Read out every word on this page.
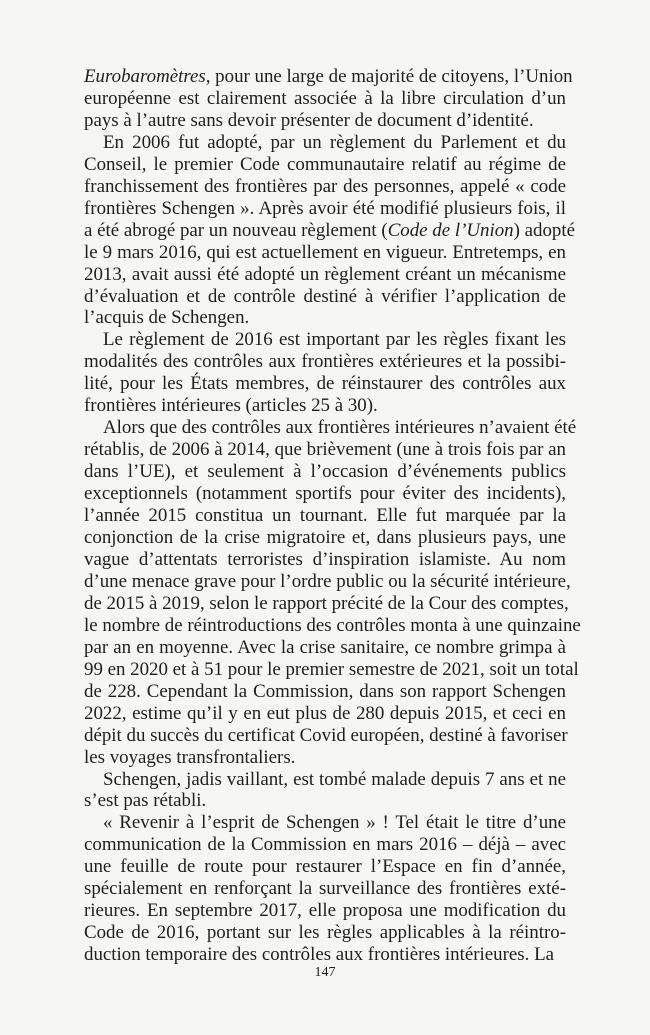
Eurobaromètres, pour une large de majorité de citoyens, l’Union
européenne est clairement associée à la libre circulation d’un
pays à l’autre sans devoir présenter de document d’identité.
En 2006 fut adopté, par un règlement du Parlement et du
Conseil, le premier Code communautaire relatif au régime de
franchissement des frontières par des personnes, appelé « code
frontières Schengen ». Après avoir été modifié plusieurs fois, il
a été abrogé par un nouveau règlement (Code de l’Union) adopté
le 9 mars 2016, qui est actuellement en vigueur. Entretemps, en
2013, avait aussi été adopté un règlement créant un mécanisme
d’évaluation et de contrôle destiné à vérifier l’application de
l’acquis de Schengen.
Le règlement de 2016 est important par les règles fixant les
modalités des contrôles aux frontières extérieures et la possibi-
lité, pour les États membres, de réinstaurer des contrôles aux
frontières intérieures (articles 25 à 30).
Alors que des contrôles aux frontières intérieures n’avaient été
rétablis, de 2006 à 2014, que brièvement (une à trois fois par an
dans l’UE), et seulement à l’occasion d’événements publics
exceptionnels (notamment sportifs pour éviter des incidents),
l’année 2015 constitua un tournant. Elle fut marquée par la
conjonction de la crise migratoire et, dans plusieurs pays, une
vague d’attentats terroristes d’inspiration islamiste. Au nom
d’une menace grave pour l’ordre public ou la sécurité intérieure,
de 2015 à 2019, selon le rapport précité de la Cour des comptes,
le nombre de réintroductions des contrôles monta à une quinzaine
par an en moyenne. Avec la crise sanitaire, ce nombre grimpa à
99 en 2020 et à 51 pour le premier semestre de 2021, soit un total
de 228. Cependant la Commission, dans son rapport Schengen
2022, estime qu’il y en eut plus de 280 depuis 2015, et ceci en
dépit du succès du certificat Covid européen, destiné à favoriser
les voyages transfrontaliers.
Schengen, jadis vaillant, est tombé malade depuis 7 ans et ne
s’est pas rétabli.
« Revenir à l’esprit de Schengen » ! Tel était le titre d’une
communication de la Commission en mars 2016 – déjà – avec
une feuille de route pour restaurer l’Espace en fin d’année,
spécialement en renforçant la surveillance des frontières exté-
rieures. En septembre 2017, elle proposa une modification du
Code de 2016, portant sur les règles applicables à la réintro-
duction temporaire des contrôles aux frontières intérieures. La
147
